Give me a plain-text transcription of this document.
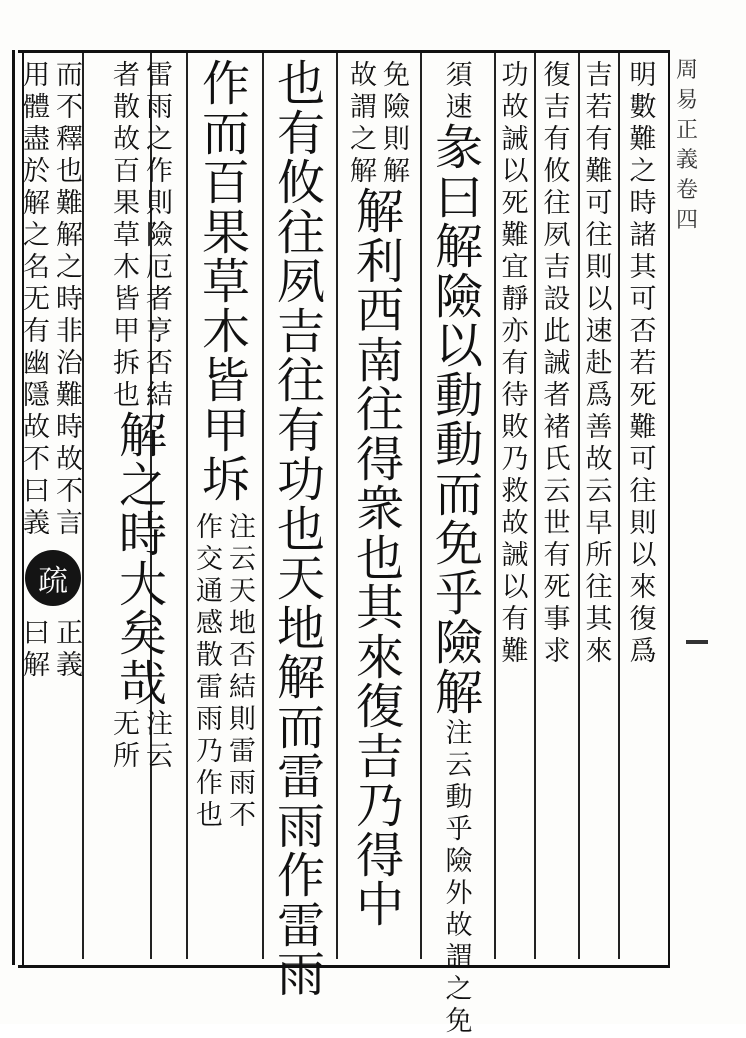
明數難之時諸其可否若死難可往則以來復爲
吉若有難可往則以速赴爲善故云早所往其來
復吉有攸往夙吉設此誡者褚氏云世有死事求
功故誡以死難宜靜亦有待敗乃救故誡以有難
須速
彖曰解險以動動而免乎險解
注云動乎險外故謂之免
免險則解
故謂之解
解利西南往得衆也其來復吉乃得中
也有攸往夙吉往有功也天地解而雷雨作雷雨
作而百果草木皆甲坼
注云天地否結則雷雨不
作交通感散雷雨乃作也
雷雨之作則險厄者亨否結
者散故百果草木皆甲拆也
解之時大矣哉
注云
无所
而不釋也難解之時非治難時故不言
用體盡於解之名无有幽隱故不曰義
疏
正義
曰解
周易正義卷四
